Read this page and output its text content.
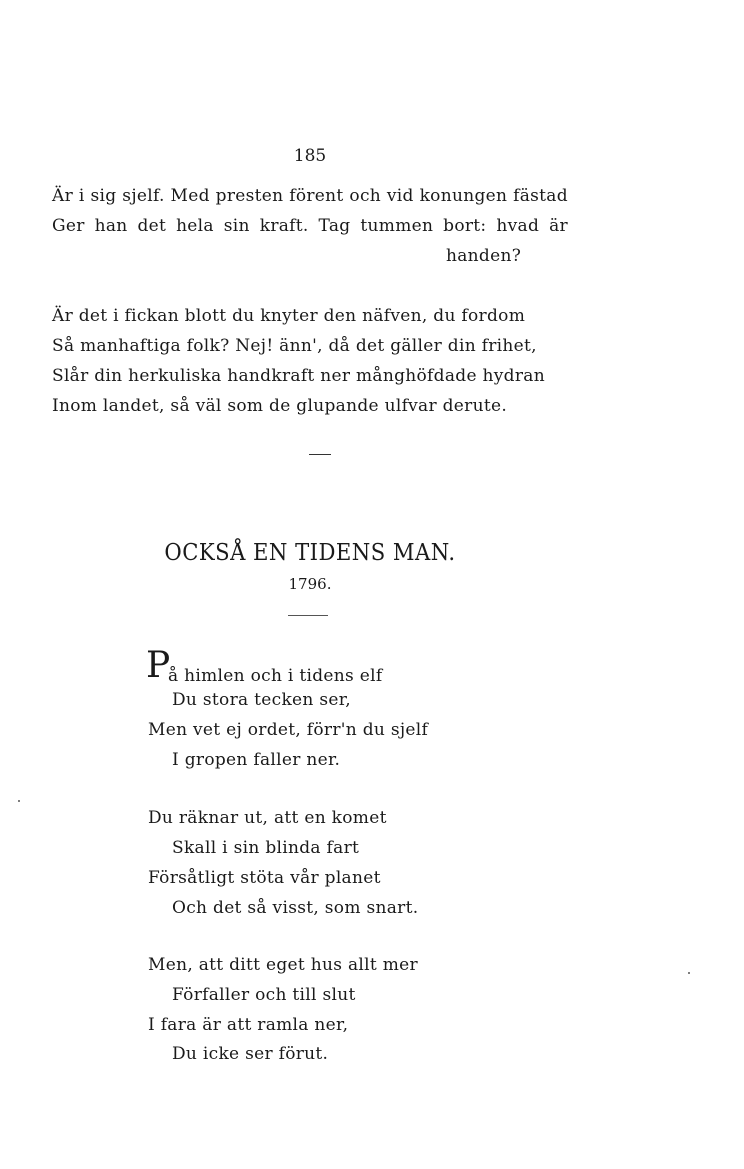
185
Är i sig sjelf. Med presten förent och vid konungen fästad
Ger han det hela sin kraft. Tag tummen bort: hvad är
handen?
Är det i fickan blott du knyter den näfven, du fordom
Så manhaftiga folk? Nej! änn', då det gäller din frihet,
Slår din herkuliska handkraft ner månghöfdade hydran
Inom landet, så väl som de glupande ulfvar derute.
OCKSÅ EN TIDENS MAN.
1796.
P
å himlen och i tidens elf
Du stora tecken ser,
Men vet ej ordet, förr'n du sjelf
I gropen faller ner.
Du räknar ut, att en komet
Skall i sin blinda fart
Försåtligt stöta vår planet
Och det så visst, som snart.
Men, att ditt eget hus allt mer
Förfaller och till slut
I fara är att ramla ner,
Du icke ser förut.
